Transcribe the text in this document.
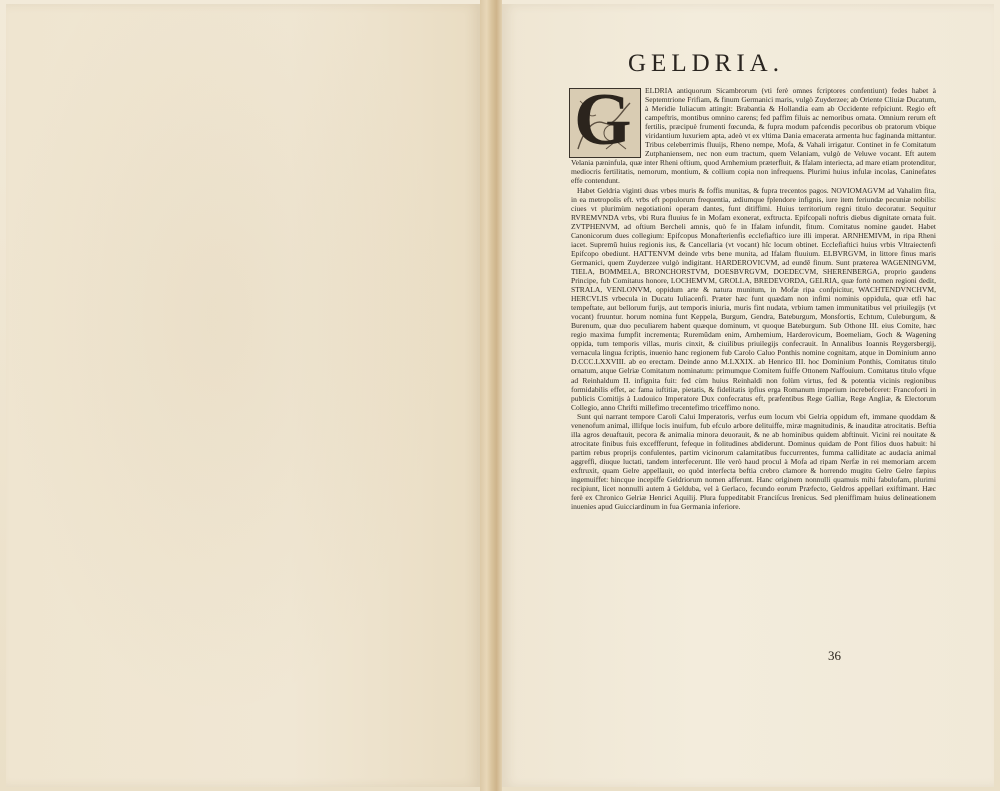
GELDRIA.
G	ELDRIA antiquorum Sicambrorum (vti ferè omnes fcriptores confentiunt) fedes habet à Septemtrione Frifiam, & finum Germanici maris, vulgò Zuyderzee; ab Oriente Cliuiæ Ducatum, à Meridie Iuliacum attingit: Brabantia & Hollandia eam ab Occidente refpiciunt. Regio eft campeftris, montibus omnino carens; fed paffim filuis ac nemoribus ornata. Omnium rerum eft fertilis, præcipuè frumenti fœcunda, & fupra modum pafcendis pecoribus ob pratorum vbique viridantium luxuriem apta, adeò vt ex vltima Dania emacerata armenta huc faginanda mittantur. Tribus celeberrimis fluuijs, Rheno nempe, Mofa, & Vahali irrigatur. Continet in fe Comitatum Zutphaniensem, nec non eum tractum, quem Velaniam, vulgò de Veluwe vocant. Eft autem Velania pæninfula, quæ inter Rheni oftium, quod Arnhemium præterfluit, & Ifalam interiecta, ad mare etiam protenditur, mediocris fertilitatis, nemorum, montium, & collium copia non infrequens. Plurimi huius infulæ incolas, Caninefates effe contendunt.

Habet Geldria viginti duas vrbes muris & foffis munitas, & fupra trecentos pagos. NOVIOMAGVM ad Vahalim fita, in ea metropolis eft. vrbs eft populorum frequentia, ædiumque fplendore infignis, iure item feriundæ pecuniæ nobilis: ciues vt plurimùm negotiationi operam dantes, funt ditiffimi. Huius territorium regni titulo decoratur. Sequitur RVREMVNDA vrbs, vbi Rura fluuius fe in Mofam exonerat, exftructa. Epifcopali noftris diebus dignitate ornata fuit. ZVTPHENVM, ad oftium Bercheli amnis, quò fe in Ifalam infundit, fitum. Comitatus nomine gaudet. Habet Canonicorum dues collegium: Epifcopus Monafterienfis ecclefiaftico iure illi imperat. ARNHEMIVM, in ripa Rheni iacet. Supremū huius regionis ius, & Cancellaria (vt vocant) hîc locum obtinet. Ecclefiaftici huius vrbis Vltraiectenfi Epifcopo obediunt. HATTENVM deinde vrbs bene munita, ad Ifalam fluuium. ELBVRGVM, in littore finus maris Germanici, quem Zuyderzee vulgò indigitant. HARDEROVICVM, ad eundē finum. Sunt præterea WAGENINGVM, TIELA, BOMMELA, BRONCHORSTVM, DOESBVRGVM, DOEDECVM, SHERENBERGA, proprio gaudens Principe, fub Comitatus honore, LOCHEMVM, GROLLA, BREDEVORDA, GELRIA, quæ fortè nomen regioni dedit, STRALA, VENLONVM, oppidum arte & natura munitum, in Mofæ ripa confpicitur, WACHTENDVNCHVM, HERCVLIS vrbecula in Ducatu Iuliacenfi. Præter hæc funt quædam non infimi nominis oppidula, quæ etfi hac tempeftate, aut bellorum furijs, aut temporis iniuria, muris fint nudata, vrbium tamen immunitatibus vel priuilegijs (vt vocant) fruuntur. horum nomina funt Keppela, Burgum, Gendra, Bateburgum, Monsfortis, Echtum, Culeburgum, & Burenum, quæ duo peculiarem habent quæque dominum, vt quoque Bateburgum. Sub Othone III. eius Comite, hæc regio maxima fumpfit incrementa; Ruremūdam enim, Arnhemium, Harderovicum, Boemeliam, Goch & Wagening oppida, tum temporis villas, muris cinxit, & ciuilibus priuilegijs confecrauit. In Annalibus Ioannis Reygersbergij, vernacula lingua fcriptis, inuenio hanc regionem fub Carolo Caluo Ponthis nomine cognitam, atque in Dominium anno D.CCC.LXXVIII. ab eo erectam. Deinde anno M.LXXIX. ab Henrico III. hoc Dominium Ponthis, Comitatus titulo ornatum, atque Gelriæ Comitatum nominatum: primumque Comitem fuiffe Ottonem Naffouium. Comitatus titulo vfque ad Reinhaldum II. infignita fuit: fed cùm huius Reinhaldi non folùm virtus, fed & potentia vicinis regionibus formidabilis effet, ac fama iuftitiæ, pietatis, & fidelitatis ipfius erga Romanum imperium increbefceret: Francoforti in publicis Comitijs à Ludouico Imperatore Dux confecratus eft, præfentibus Rege Galliæ, Rege Angliæ, & Electorum Collegio, anno Chrifti millefimo trecentefimo triceffimo nono.

Sunt qui narrant tempore Caroli Calui Imperatoris, verfus eum locum vbi Gelria oppidum eft, immane quoddam & venenofum animal, illifque locis inuifum, fub efculo arbore delituiffe, miræ magnitudinis, & inauditæ atrocitatis. Beftia illa agros deuaftauit, pecora & animalia minora deuorauit, & ne ab hominibus quidem abftinuit. Vicini rei nouitate & atrocitate finibus fuis exceffferunt, fefeque in folitudines abdiderunt. Dominus quidam de Pont filios duos habuit: hi partim rebus proprijs confulentes, partim vicinorum calamitatibus fuccurrentes, fumma calliditate ac audacia animal aggreffi, diuque luctati, tandem interfecerunt. Ille verò haud procul à Mofa ad ripam Nerfæ in rei memoriam arcem exftruxit, quam Gelre appellauit, eo quòd interfecta beftia crebro clamore & horrendo mugitu Gelre Gelre fæpius ingemuiffet: hincque incepiffe Geldriorum nomen afferunt. Hanc originem nonnulli quamuis mihi fabulofam, plurimi recipiunt, licet nonnulli autem à Gelduba, vel à Gerlaco, fecundo eorum Præfecto, Geldros appellari exiftimant. Hæc ferè ex Chronico Gelriæ Henrici Aquilij. Plura fuppeditabit Franciſcus Irenicus. Sed pleniffimam huius delineationem inuenies apud Guicciardinum in fua Germania inferiore.

36
